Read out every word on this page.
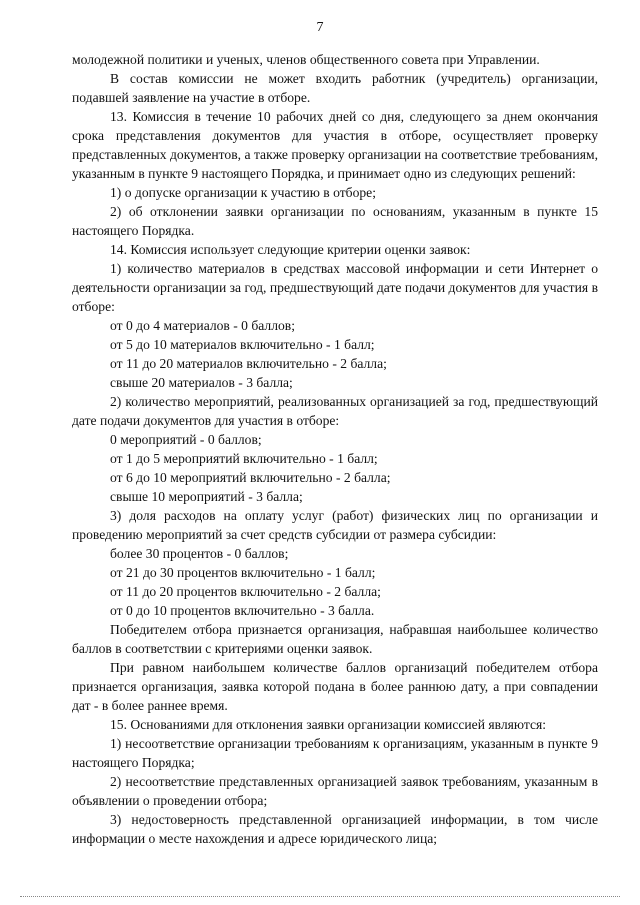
7

молодежной политики и ученых, членов общественного совета при Управлении.

В состав комиссии не может входить работник (учредитель) организации, подавшей заявление на участие в отборе.

13. Комиссия в течение 10 рабочих дней со дня, следующего за днем окончания срока представления документов для участия в отборе, осуществляет проверку представленных документов, а также проверку организации на соответствие требованиям, указанным в пункте 9 настоящего Порядка, и принимает одно из следующих решений:

1) о допуске организации к участию в отборе;

2) об отклонении заявки организации по основаниям, указанным в пункте 15 настоящего Порядка.

14. Комиссия использует следующие критерии оценки заявок:

1) количество материалов в средствах массовой информации и сети Интернет о деятельности организации за год, предшествующий дате подачи документов для участия в отборе:

от 0 до 4 материалов - 0 баллов;

от 5 до 10 материалов включительно - 1 балл;

от 11 до 20 материалов включительно - 2 балла;

свыше 20 материалов - 3 балла;

2) количество мероприятий, реализованных организацией за год, предшествующий дате подачи документов для участия в отборе:

0 мероприятий - 0 баллов;

от 1 до 5 мероприятий включительно - 1 балл;

от 6 до 10 мероприятий включительно - 2 балла;

свыше 10 мероприятий - 3 балла;

3) доля расходов на оплату услуг (работ) физических лиц по организации и проведению мероприятий за счет средств субсидии от размера субсидии:

более 30 процентов - 0 баллов;

от 21 до 30 процентов включительно - 1 балл;

от 11 до 20 процентов включительно - 2 балла;

от 0 до 10 процентов включительно - 3 балла.

Победителем отбора признается организация, набравшая наибольшее количество баллов в соответствии с критериями оценки заявок.

При равном наибольшем количестве баллов организаций победителем отбора признается организация, заявка которой подана в более раннюю дату, а при совпадении дат - в более раннее время.

15. Основаниями для отклонения заявки организации комиссией являются:

1) несоответствие организации требованиям к организациям, указанным в пункте 9 настоящего Порядка;

2) несоответствие представленных организацией заявок требованиям, указанным в объявлении о проведении отбора;

3) недостоверность представленной организацией информации, в том числе информации о месте нахождения и адресе юридического лица;
